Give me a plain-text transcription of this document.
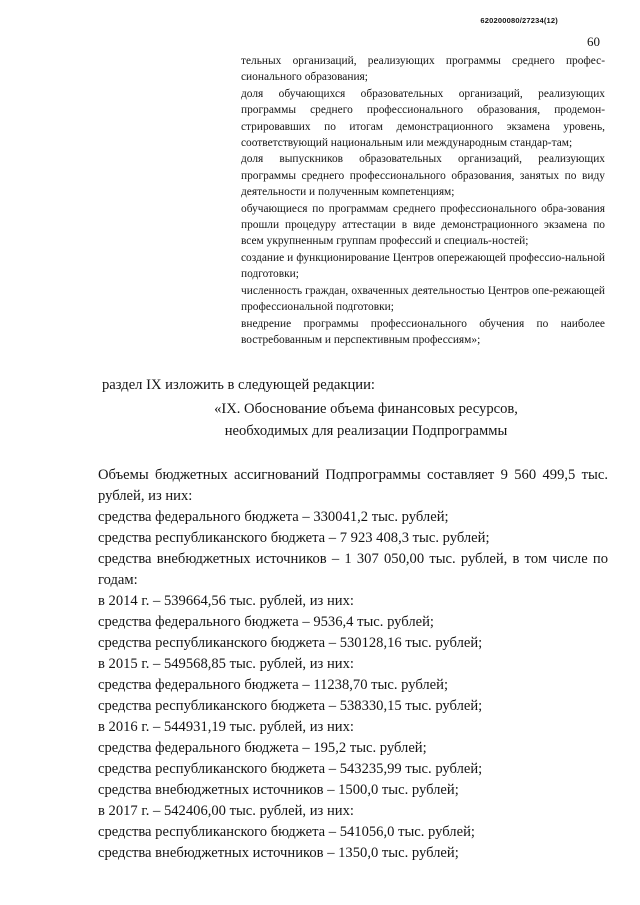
620200080/27234(12)
60

тельных организаций, реализующих программы среднего профес-сионального образования;

доля обучающихся образовательных организаций, реализующих программы среднего профессионального образования, продемон-стрировавших по итогам демонстрационного экзамена уровень, соответствующий национальным или международным стандар-там;

доля выпускников образовательных организаций, реализующих программы среднего профессионального образования, занятых по виду деятельности и полученным компетенциям;

обучающиеся по программам среднего профессионального обра-зования прошли процедуру аттестации в виде демонстрационного экзамена по всем укрупненным группам профессий и специаль-ностей;

создание и функционирование Центров опережающей профессио-нальной подготовки;

численность граждан, охваченных деятельностью Центров опе-режающей профессиональной подготовки;

внедрение программы профессионального обучения по наиболее востребованным и перспективным профессиям»;

раздел IX изложить в следующей редакции:

«IX. Обоснование объема финансовых ресурсов,
необходимых для реализации Подпрограммы

Объемы бюджетных ассигнований Подпрограммы составляет 9 560 499,5 тыс. рублей, из них:

средства федерального бюджета – 330041,2 тыс. рублей;

средства республиканского бюджета – 7 923 408,3 тыс. рублей;

средства внебюджетных источников – 1 307 050,00 тыс. рублей, в том числе по годам:

в 2014 г. – 539664,56 тыс. рублей, из них:

средства федерального бюджета – 9536,4 тыс. рублей;

средства республиканского бюджета – 530128,16 тыс. рублей;

в 2015 г. – 549568,85 тыс. рублей, из них:

средства федерального бюджета – 11238,70 тыс. рублей;

средства республиканского бюджета – 538330,15 тыс. рублей;

в 2016 г. – 544931,19 тыс. рублей, из них:

средства федерального бюджета – 195,2 тыс. рублей;

средства республиканского бюджета – 543235,99 тыс. рублей;

средства внебюджетных источников – 1500,0 тыс. рублей;

в 2017 г. – 542406,00 тыс. рублей, из них:

средства республиканского бюджета – 541056,0 тыс. рублей;

средства внебюджетных источников – 1350,0 тыс. рублей;
